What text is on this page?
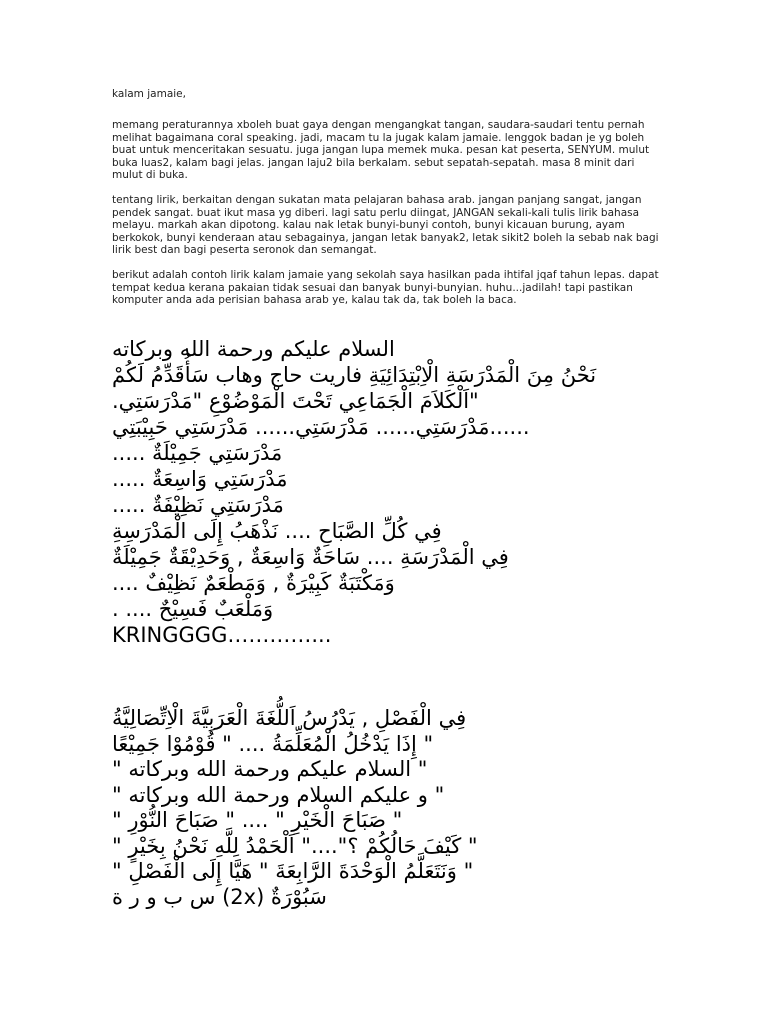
kalam jamaie,

memang peraturannya xboleh buat gaya dengan mengangkat tangan, saudara-saudari tentu pernah melihat bagaimana coral speaking. jadi, macam tu la jugak kalam jamaie. lenggok badan je yg boleh buat untuk menceritakan sesuatu. juga jangan lupa memek muka. pesan kat peserta, SENYUM. mulut buka luas2, kalam bagi jelas. jangan laju2 bila berkalam. sebut sepatah-sepatah. masa 8 minit dari mulut di buka.

tentang lirik, berkaitan dengan sukatan mata pelajaran bahasa arab. jangan panjang sangat, jangan pendek sangat. buat ikut masa yg diberi. lagi satu perlu diingat, JANGAN sekali-kali tulis lirik bahasa melayu. markah akan dipotong. kalau nak letak bunyi-bunyi contoh, bunyi kicauan burung, ayam berkokok, bunyi kenderaan atau sebagainya, jangan letak banyak2, letak sikit2 boleh la sebab nak bagi lirik best dan bagi peserta seronok dan semangat.

berikut adalah contoh lirik kalam jamaie yang sekolah saya hasilkan pada ihtifal jqaf tahun lepas. dapat tempat kedua kerana pakaian tidak sesuai dan banyak bunyi-bunyian. huhu...jadilah! tapi pastikan komputer anda ada perisian bahasa arab ye, kalau tak da, tak boleh la baca.

السلام عليكم ورحمة الله وبركاته

نَحْنُ مِنَ الْمَدْرَسَةِ الْاِبْتِدَائِيَةِ فاريت حاج وهاب سَأُقَدِّمُ لَكُمْ

"اَلْكَلاَمَ الْجَمَاعِي تَحْتَ الْمَوْضُوْعِ "مَدْرَسَتِي.

......مَدْرَسَتِي...... مَدْرَسَتِي...... مَدْرَسَتِي حَبِيْبَتِي

مَدْرَسَتِي جَمِيْلَةٌ .....

مَدْرَسَتِي وَاسِعَةٌ .....

مَدْرَسَتِي نَظِيْفَةٌ .....

فِي كُلِّ الصَّبَاحِ .... نَذْهَبُ إِلَى الْمَدْرَسِةِ

فِي الْمَدْرَسَةِ .... سَاحَةٌ وَاسِعَةٌ , وَحَدِيْقَةٌ جَمِيْلَةٌ

وَمَكْتَبَةٌ كَبِيْرَةٌ , وَمَطْعَمٌ نَظِيْفٌ ....

وَمَلْعَبٌ فَسِيْحٌ .... .

KRINGGGG…………...

فِي الْفَصْلِ , يَدْرُسُ اَللُّغَةَ الْعَرَبِيَّةَ الْاِتِّصَالِيَّةُ

" إِذَا يَدْخُلُ الْمُعَلِّمَةُ .... " قُوْمُوْا جَمِيْعًا

" السلام عليكم ورحمة الله وبركاته "

" و عليكم السلام ورحمة الله وبركاته "

" صَبَاحَ الْخَيْرِ " .... " صَبَاحَ النُّوْرِ "

" كَيْفَ حَالُكُمْ ؟"...." اَلْحَمْدُ لِلَّهِ نَحْنُ بِخَيْرٍ "

" وَنَتَعَلَّمُ الْوَحْدَةَ الرَّابِعَةَ " هَيَّا إِلَى الْفَصْلِ "

سَبُوْرَةٌ (2x) س ب و ر ة
